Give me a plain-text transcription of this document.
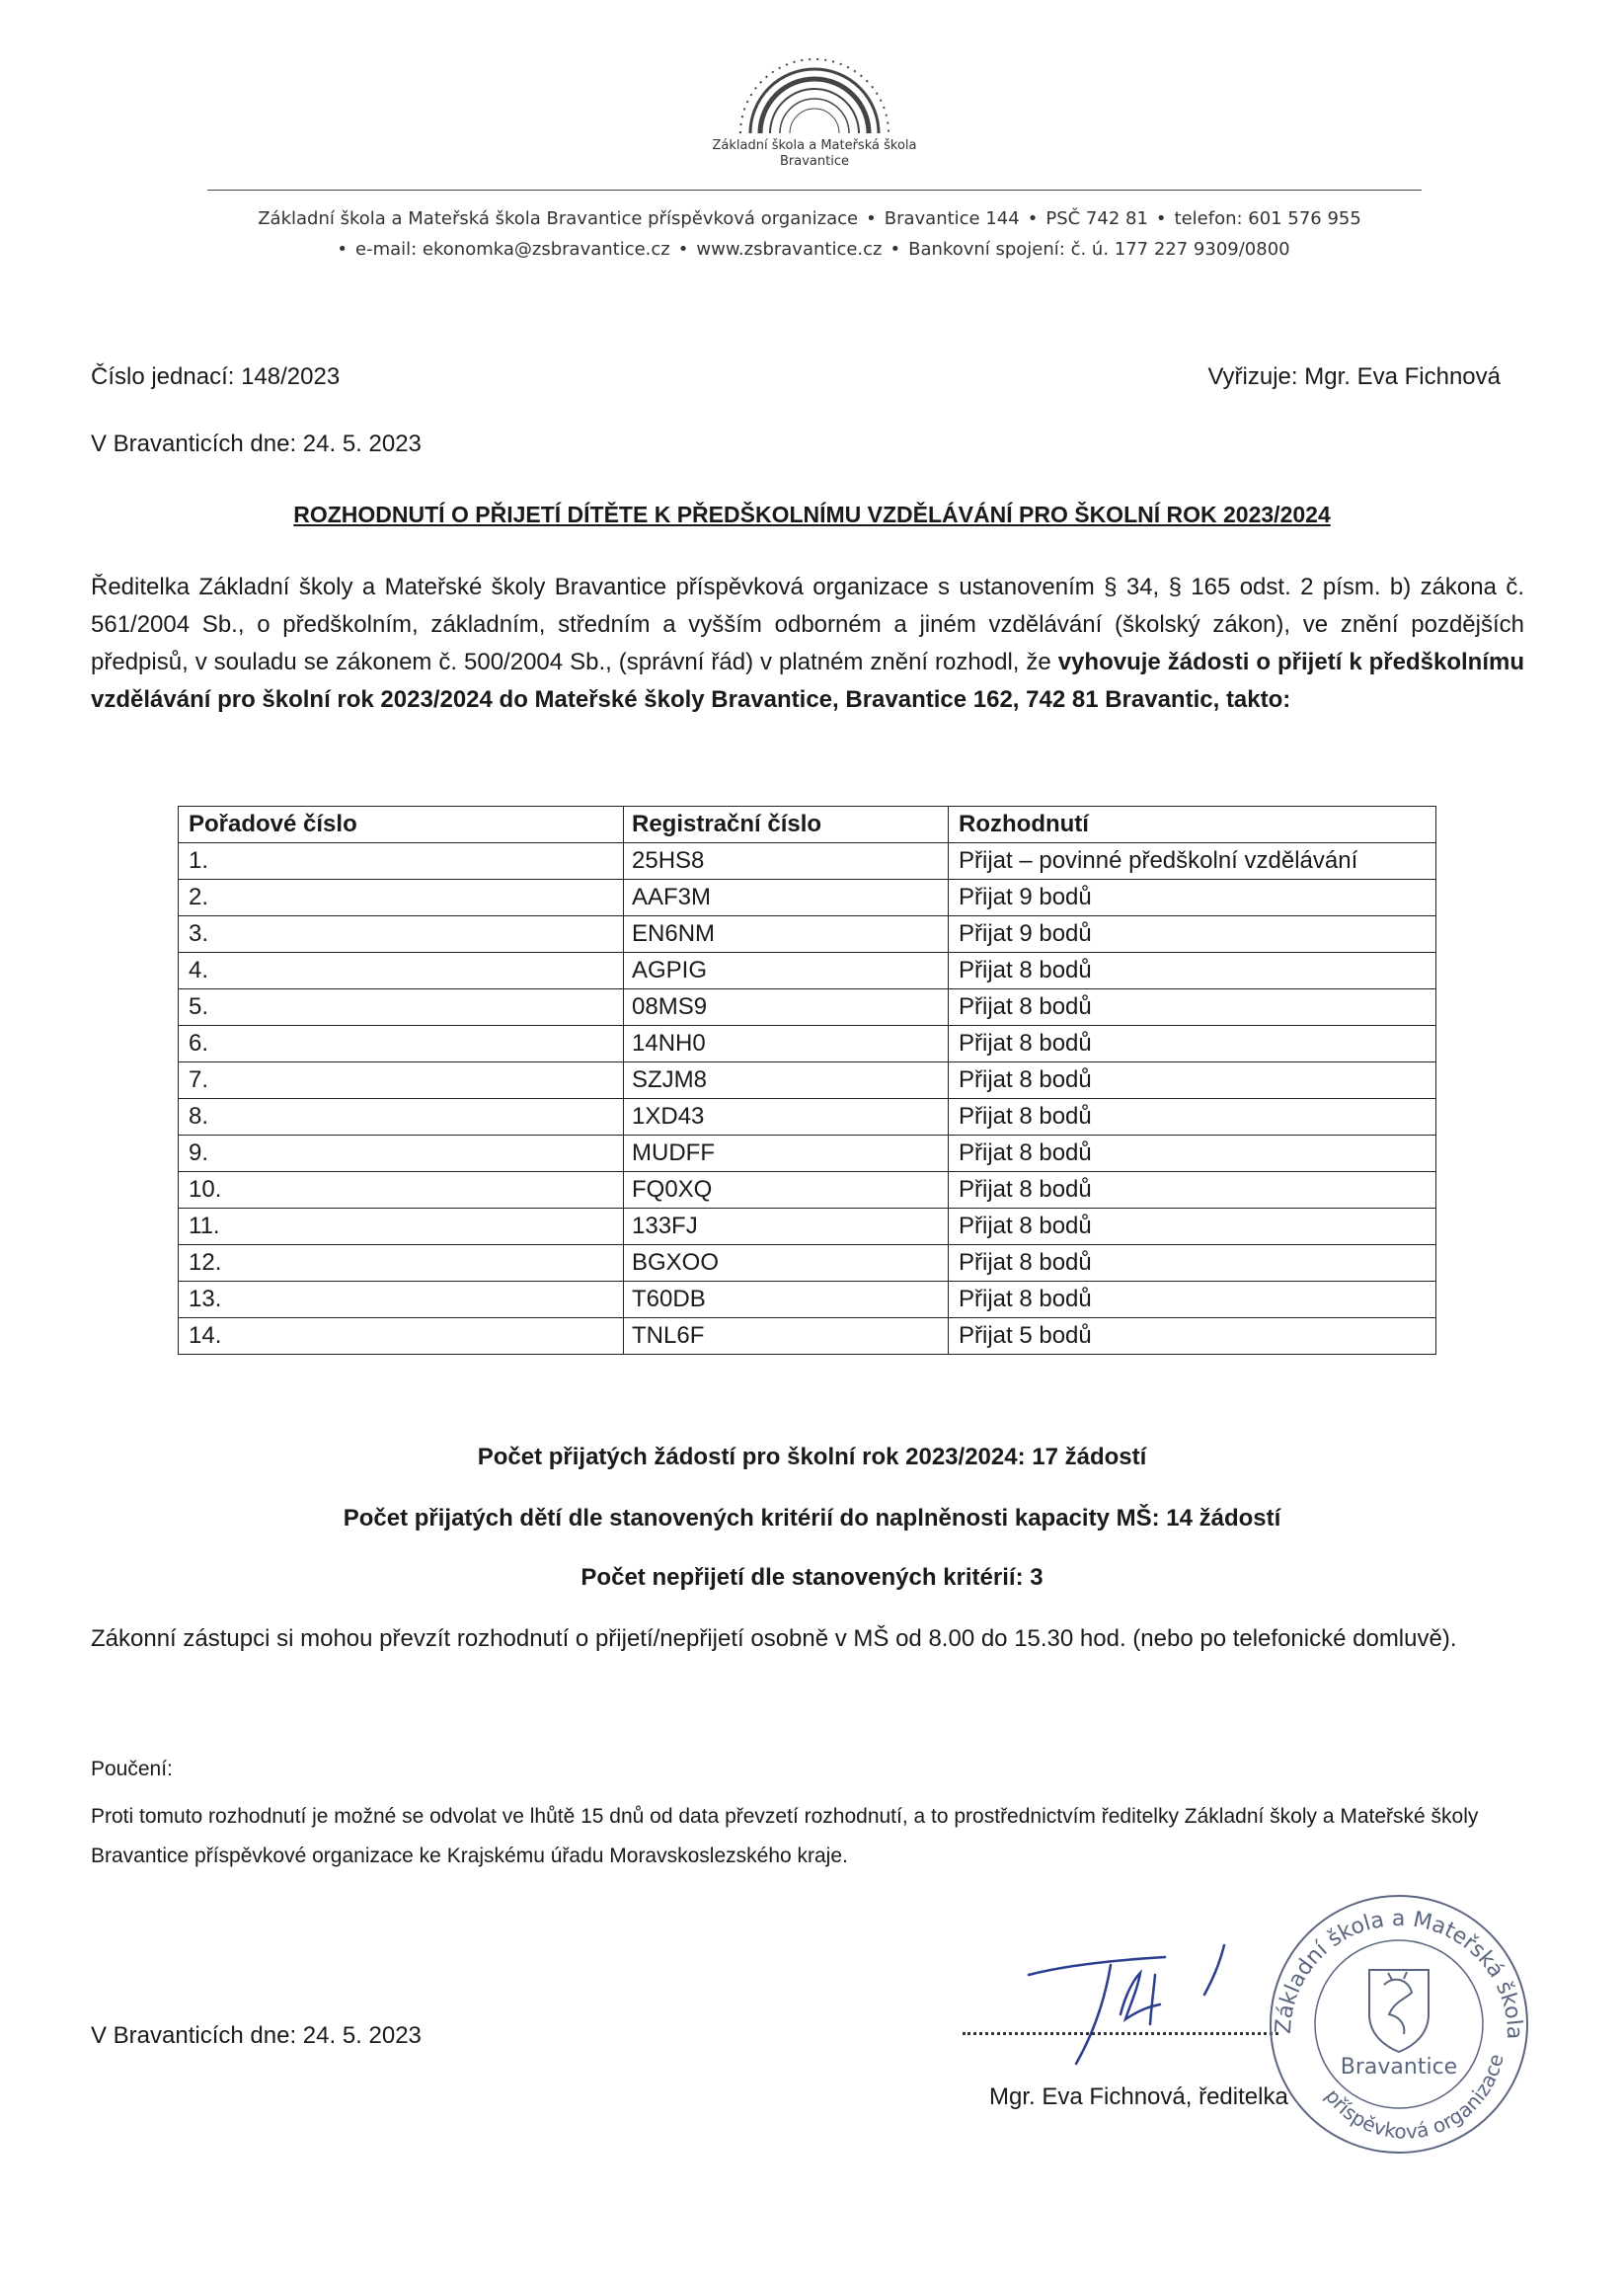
Základní škola a Mateřská škola
Bravantice
Základní škola a Mateřská škola Bravantice příspěvková organizace • Bravantice 144 • PSČ 742 81 • telefon: 601 576 955
• e-mail: ekonomka@zsbravantice.cz • www.zsbravantice.cz • Bankovní spojení: č. ú. 177 227 9309/0800
Číslo jednací: 148/2023	Vyřizuje: Mgr. Eva Fichnová
V Bravanticích dne: 24. 5. 2023
ROZHODNUTÍ O PŘIJETÍ DÍTĚTE K PŘEDŠKOLNÍMU VZDĚLÁVÁNÍ PRO ŠKOLNÍ ROK 2023/2024
Ředitelka Základní školy a Mateřské školy Bravantice příspěvková organizace s ustanovením § 34, § 165 odst. 2 písm. b) zákona č. 561/2004 Sb., o předškolním, základním, středním a vyšším odborném a jiném vzdělávání (školský zákon), ve znění pozdějších předpisů, v souladu se zákonem č. 500/2004 Sb., (správní řád) v platném znění rozhodl, že vyhovuje žádosti o přijetí k předškolnímu vzdělávání pro školní rok 2023/2024 do Mateřské školy Bravantice, Bravantice 162, 742 81 Bravantic, takto:
Pořadové číslo	Registrační číslo	Rozhodnutí
1.	25HS8	Přijat – povinné předškolní vzdělávání
2.	AAF3M	Přijat 9 bodů
3.	EN6NM	Přijat 9 bodů
4.	AGPIG	Přijat 8 bodů
5.	08MS9	Přijat 8 bodů
6.	14NH0	Přijat 8 bodů
7.	SZJM8	Přijat 8 bodů
8.	1XD43	Přijat 8 bodů
9.	MUDFF	Přijat 8 bodů
10.	FQ0XQ	Přijat 8 bodů
11.	133FJ	Přijat 8 bodů
12.	BGXOO	Přijat 8 bodů
13.	T60DB	Přijat 8 bodů
14.	TNL6F	Přijat 5 bodů
Počet přijatých žádostí pro školní rok 2023/2024: 17 žádostí
Počet přijatých dětí dle stanovených kritérií do naplněnosti kapacity MŠ: 14 žádostí
Počet nepřijetí dle stanovených kritérií: 3
Zákonní zástupci si mohou převzít rozhodnutí o přijetí/nepřijetí osobně v MŠ od 8.00 do 15.30 hod. (nebo po telefonické domluvě).
Poučení:
Proti tomuto rozhodnutí je možné se odvolat ve lhůtě 15 dnů od data převzetí rozhodnutí, a to prostřednictvím ředitelky Základní školy a Mateřské školy Bravantice příspěvkové organizace ke Krajskému úřadu Moravskoslezského kraje.
V Bravanticích dne: 24. 5. 2023
Mgr. Eva Fichnová, ředitelka
Základní škola a Mateřská škola
příspěvková organizace
Bravantice
